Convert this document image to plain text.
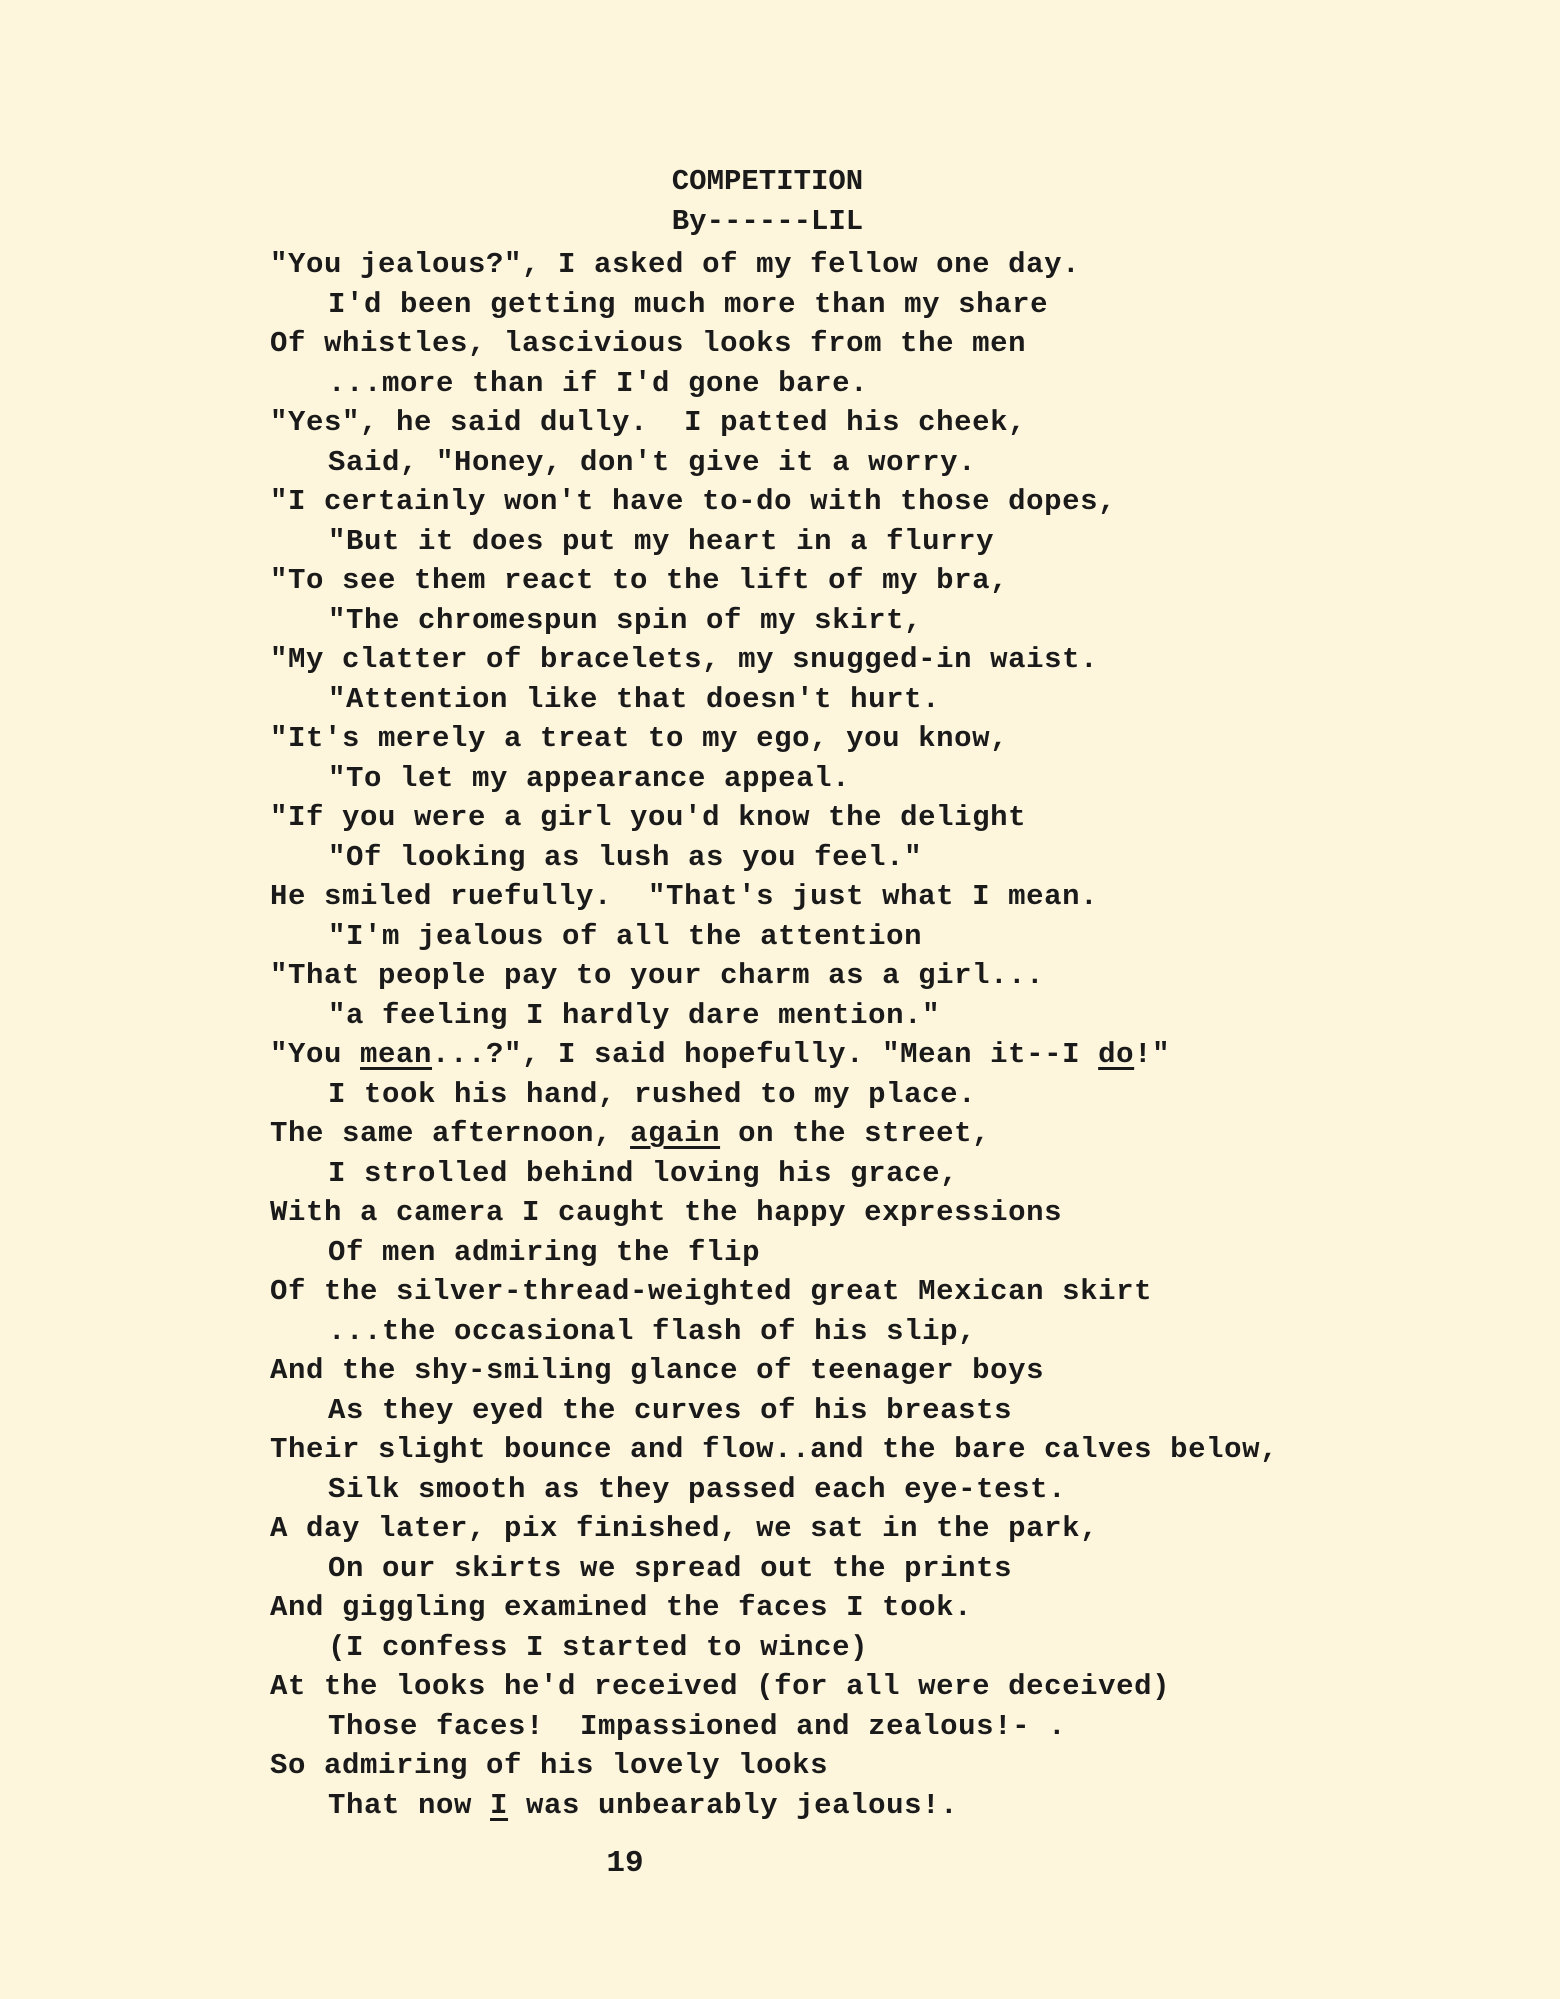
COMPETITION
By------LIL
"You jealous?", I asked of my fellow one day.
I'd been getting much more than my share
Of whistles, lascivious looks from the men
...more than if I'd gone bare.
"Yes", he said dully.  I patted his cheek,
Said, "Honey, don't give it a worry.
"I certainly won't have to-do with those dopes,
"But it does put my heart in a flurry
"To see them react to the lift of my bra,
"The chromespun spin of my skirt,
"My clatter of bracelets, my snugged-in waist.
"Attention like that doesn't hurt.
"It's merely a treat to my ego, you know,
"To let my appearance appeal.
"If you were a girl you'd know the delight
"Of looking as lush as you feel."
He smiled ruefully.  "That's just what I mean.
"I'm jealous of all the attention
"That people pay to your charm as a girl...
"a feeling I hardly dare mention."
"You mean...?", I said hopefully. "Mean it--I do!"
I took his hand, rushed to my place.
The same afternoon, again on the street,
I strolled behind loving his grace,
With a camera I caught the happy expressions
Of men admiring the flip
Of the silver-thread-weighted great Mexican skirt
...the occasional flash of his slip,
And the shy-smiling glance of teenager boys
As they eyed the curves of his breasts
Their slight bounce and flow..and the bare calves below,
Silk smooth as they passed each eye-test.
A day later, pix finished, we sat in the park,
On our skirts we spread out the prints
And giggling examined the faces I took.
(I confess I started to wince)
At the looks he'd received (for all were deceived)
Those faces!  Impassioned and zealous!- .
So admiring of his lovely looks
That now I was unbearably jealous!.
19
